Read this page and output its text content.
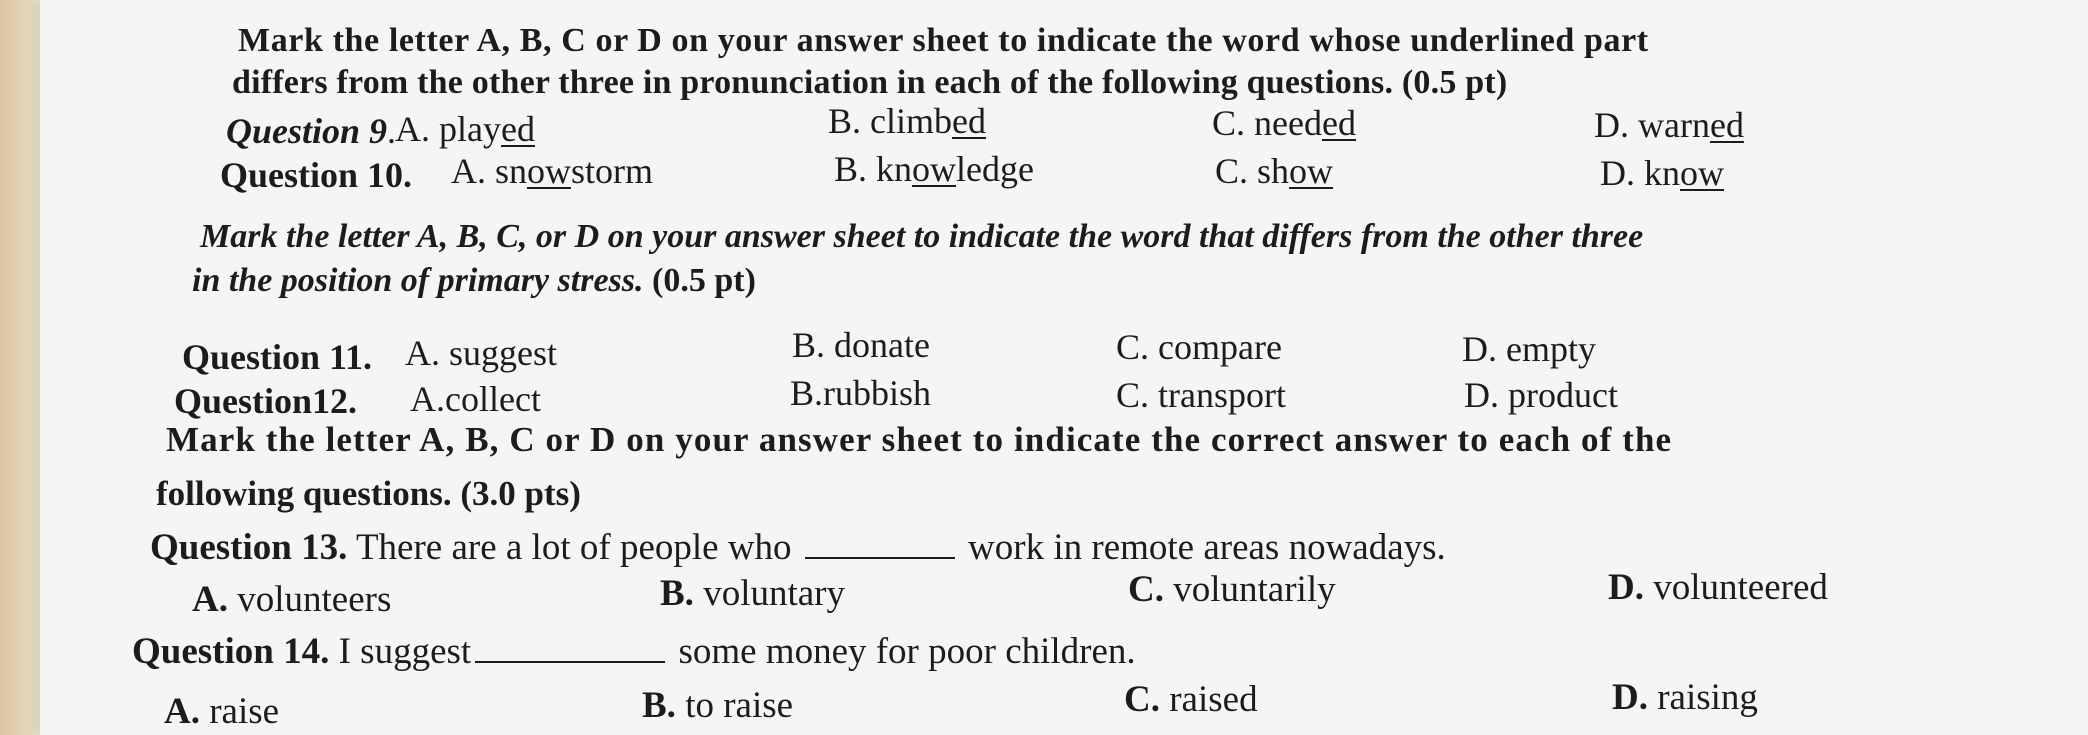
Mark the letter A, B, C or D on your answer sheet to indicate the word whose underlined part
differs from the other three in pronunciation in each of the following questions. (0.5 pt)
Question 9.
A. played	B. climbed	C. needed	D. warned
Question 10. A. snowstorm	B. knowledge	C. show	D. know
Mark the letter A, B, C, or D on your answer sheet to indicate the word that differs from the other three
in the position of primary stress. (0.5 pt)
Question 11. A. suggest	B. donate	C. compare	D. empty
Question12. A.collect	B.rubbish	C. transport	D. product
Mark the letter A, B, C or D on your answer sheet to indicate the correct answer to each of the
following questions. (3.0 pts)
Question 13. There are a lot of people who	work in remote areas nowadays.
A. volunteers	B. voluntary	C. voluntarily	D. volunteered
Question 14. I suggest	some money for poor children.
A. raise	B. to raise	C. raised	D. raising
